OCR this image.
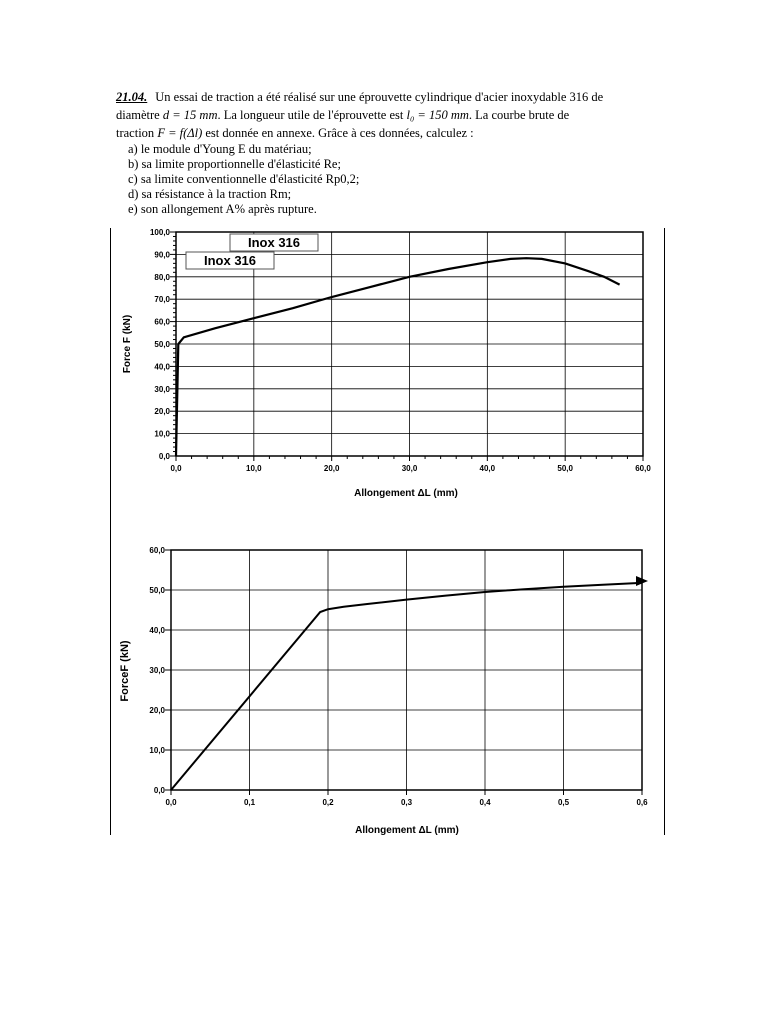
21.04. Un essai de traction a été réalisé sur une éprouvette cylindrique d'acier inoxydable 316 de

diamètre d = 15 mm. La longueur utile de l'éprouvette est l₀ = 150 mm. La courbe brute de

traction F = f(Δl) est donnée en annexe. Grâce à ces données, calculez :

a) le module d'Young E du matériau;
b) sa limite proportionnelle d'élasticité Re;
c) sa limite conventionnelle d'élasticité Rp0,2;
d) sa résistance à la traction Rm;
e) son allongement A% après rupture.
0,0	10,0	20,0	30,0	40,0	50,0	60,0
0,0
10,0
20,0
30,0
40,0
50,0
60,0
70,0
80,0
90,0
100,0
Inox 316
Inox 316
Allongement ΔL (mm)
Force F (kN)
0,0	0,1	0,2	0,3	0,4	0,5	0,6
0,0
10,0
20,0
30,0
40,0
50,0
60,0
Allongement ΔL (mm)
ForceF (kN)
